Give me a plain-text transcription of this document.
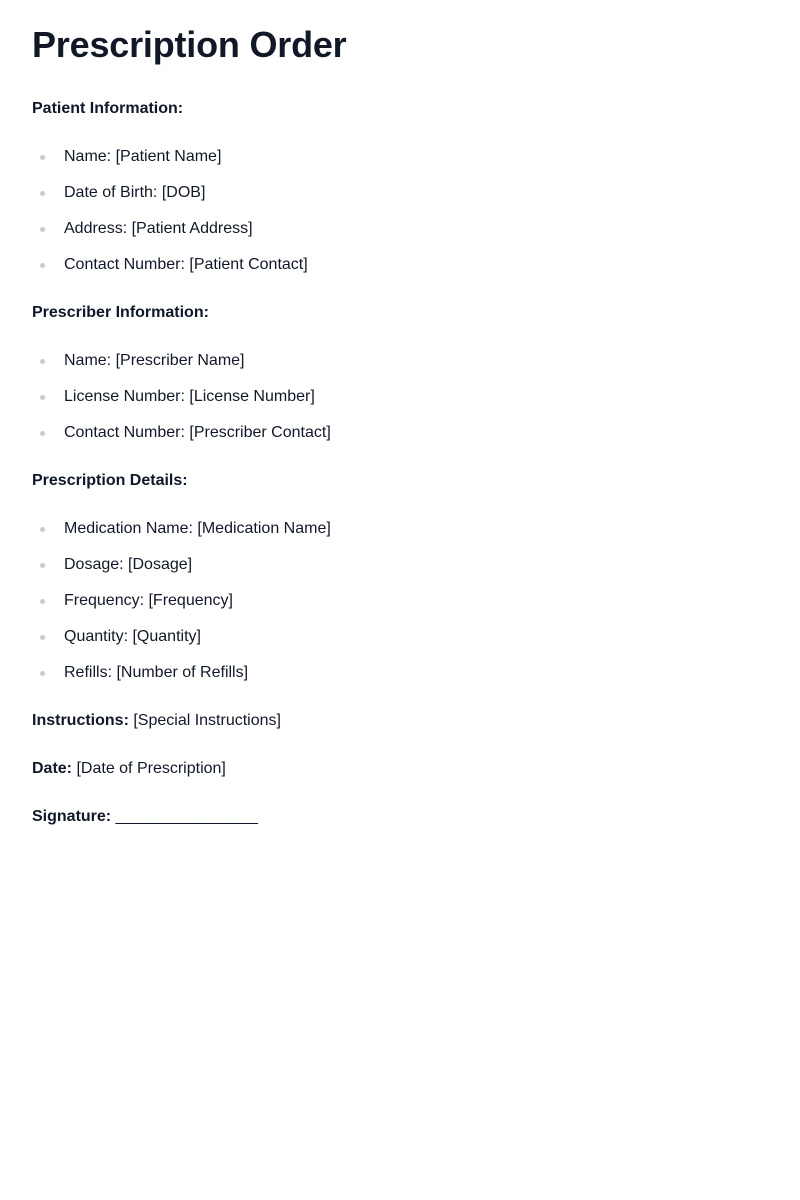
Prescription Order

Patient Information:

Name: [Patient Name]
Date of Birth: [DOB]
Address: [Patient Address]
Contact Number: [Patient Contact]

Prescriber Information:

Name: [Prescriber Name]
License Number: [License Number]
Contact Number: [Prescriber Contact]

Prescription Details:

Medication Name: [Medication Name]
Dosage: [Dosage]
Frequency: [Frequency]
Quantity: [Quantity]
Refills: [Number of Refills]

Instructions: [Special Instructions]

Date: [Date of Prescription]

Signature: ________________
